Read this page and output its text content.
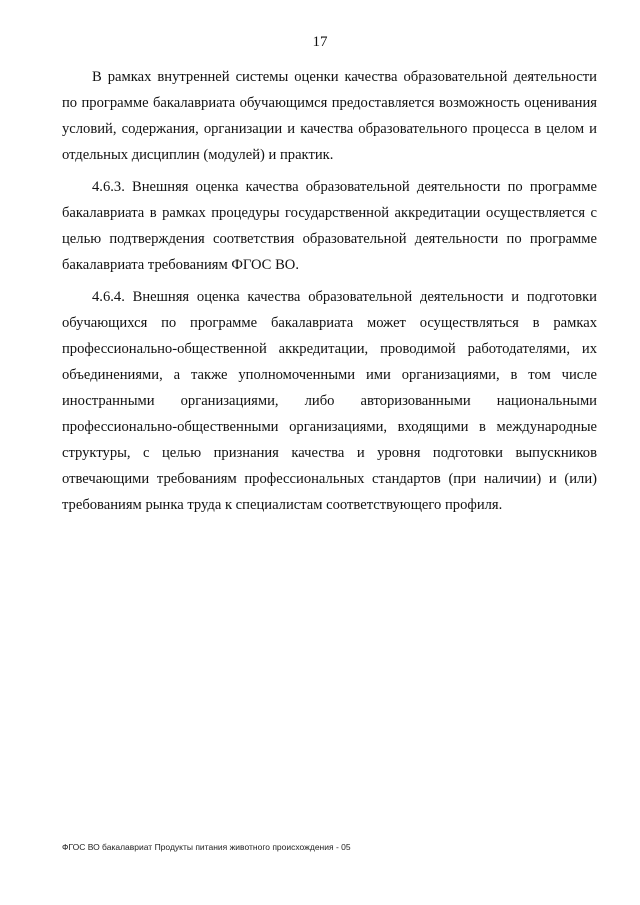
17

В рамках внутренней системы оценки качества образовательной деятельности по программе бакалавриата обучающимся предоставляется возможность оценивания условий, содержания, организации и качества образовательного процесса в целом и отдельных дисциплин (модулей) и практик.

4.6.3. Внешняя оценка качества образовательной деятельности по программе бакалавриата в рамках процедуры государственной аккредитации осуществляется с целью подтверждения соответствия образовательной деятельности по программе бакалавриата требованиям ФГОС ВО.

4.6.4. Внешняя оценка качества образовательной деятельности и подготовки обучающихся по программе бакалавриата может осуществляться в рамках профессионально-общественной аккредитации, проводимой работодателями, их объединениями, а также уполномоченными ими организациями, в том числе иностранными организациями, либо авторизованными национальными профессионально-общественными организациями, входящими в международные структуры, с целью признания качества и уровня подготовки выпускников отвечающими требованиям профессиональных стандартов (при наличии) и (или) требованиям рынка труда к специалистам соответствующего профиля.

ФГОС ВО бакалавриат Продукты питания животного происхождения - 05
